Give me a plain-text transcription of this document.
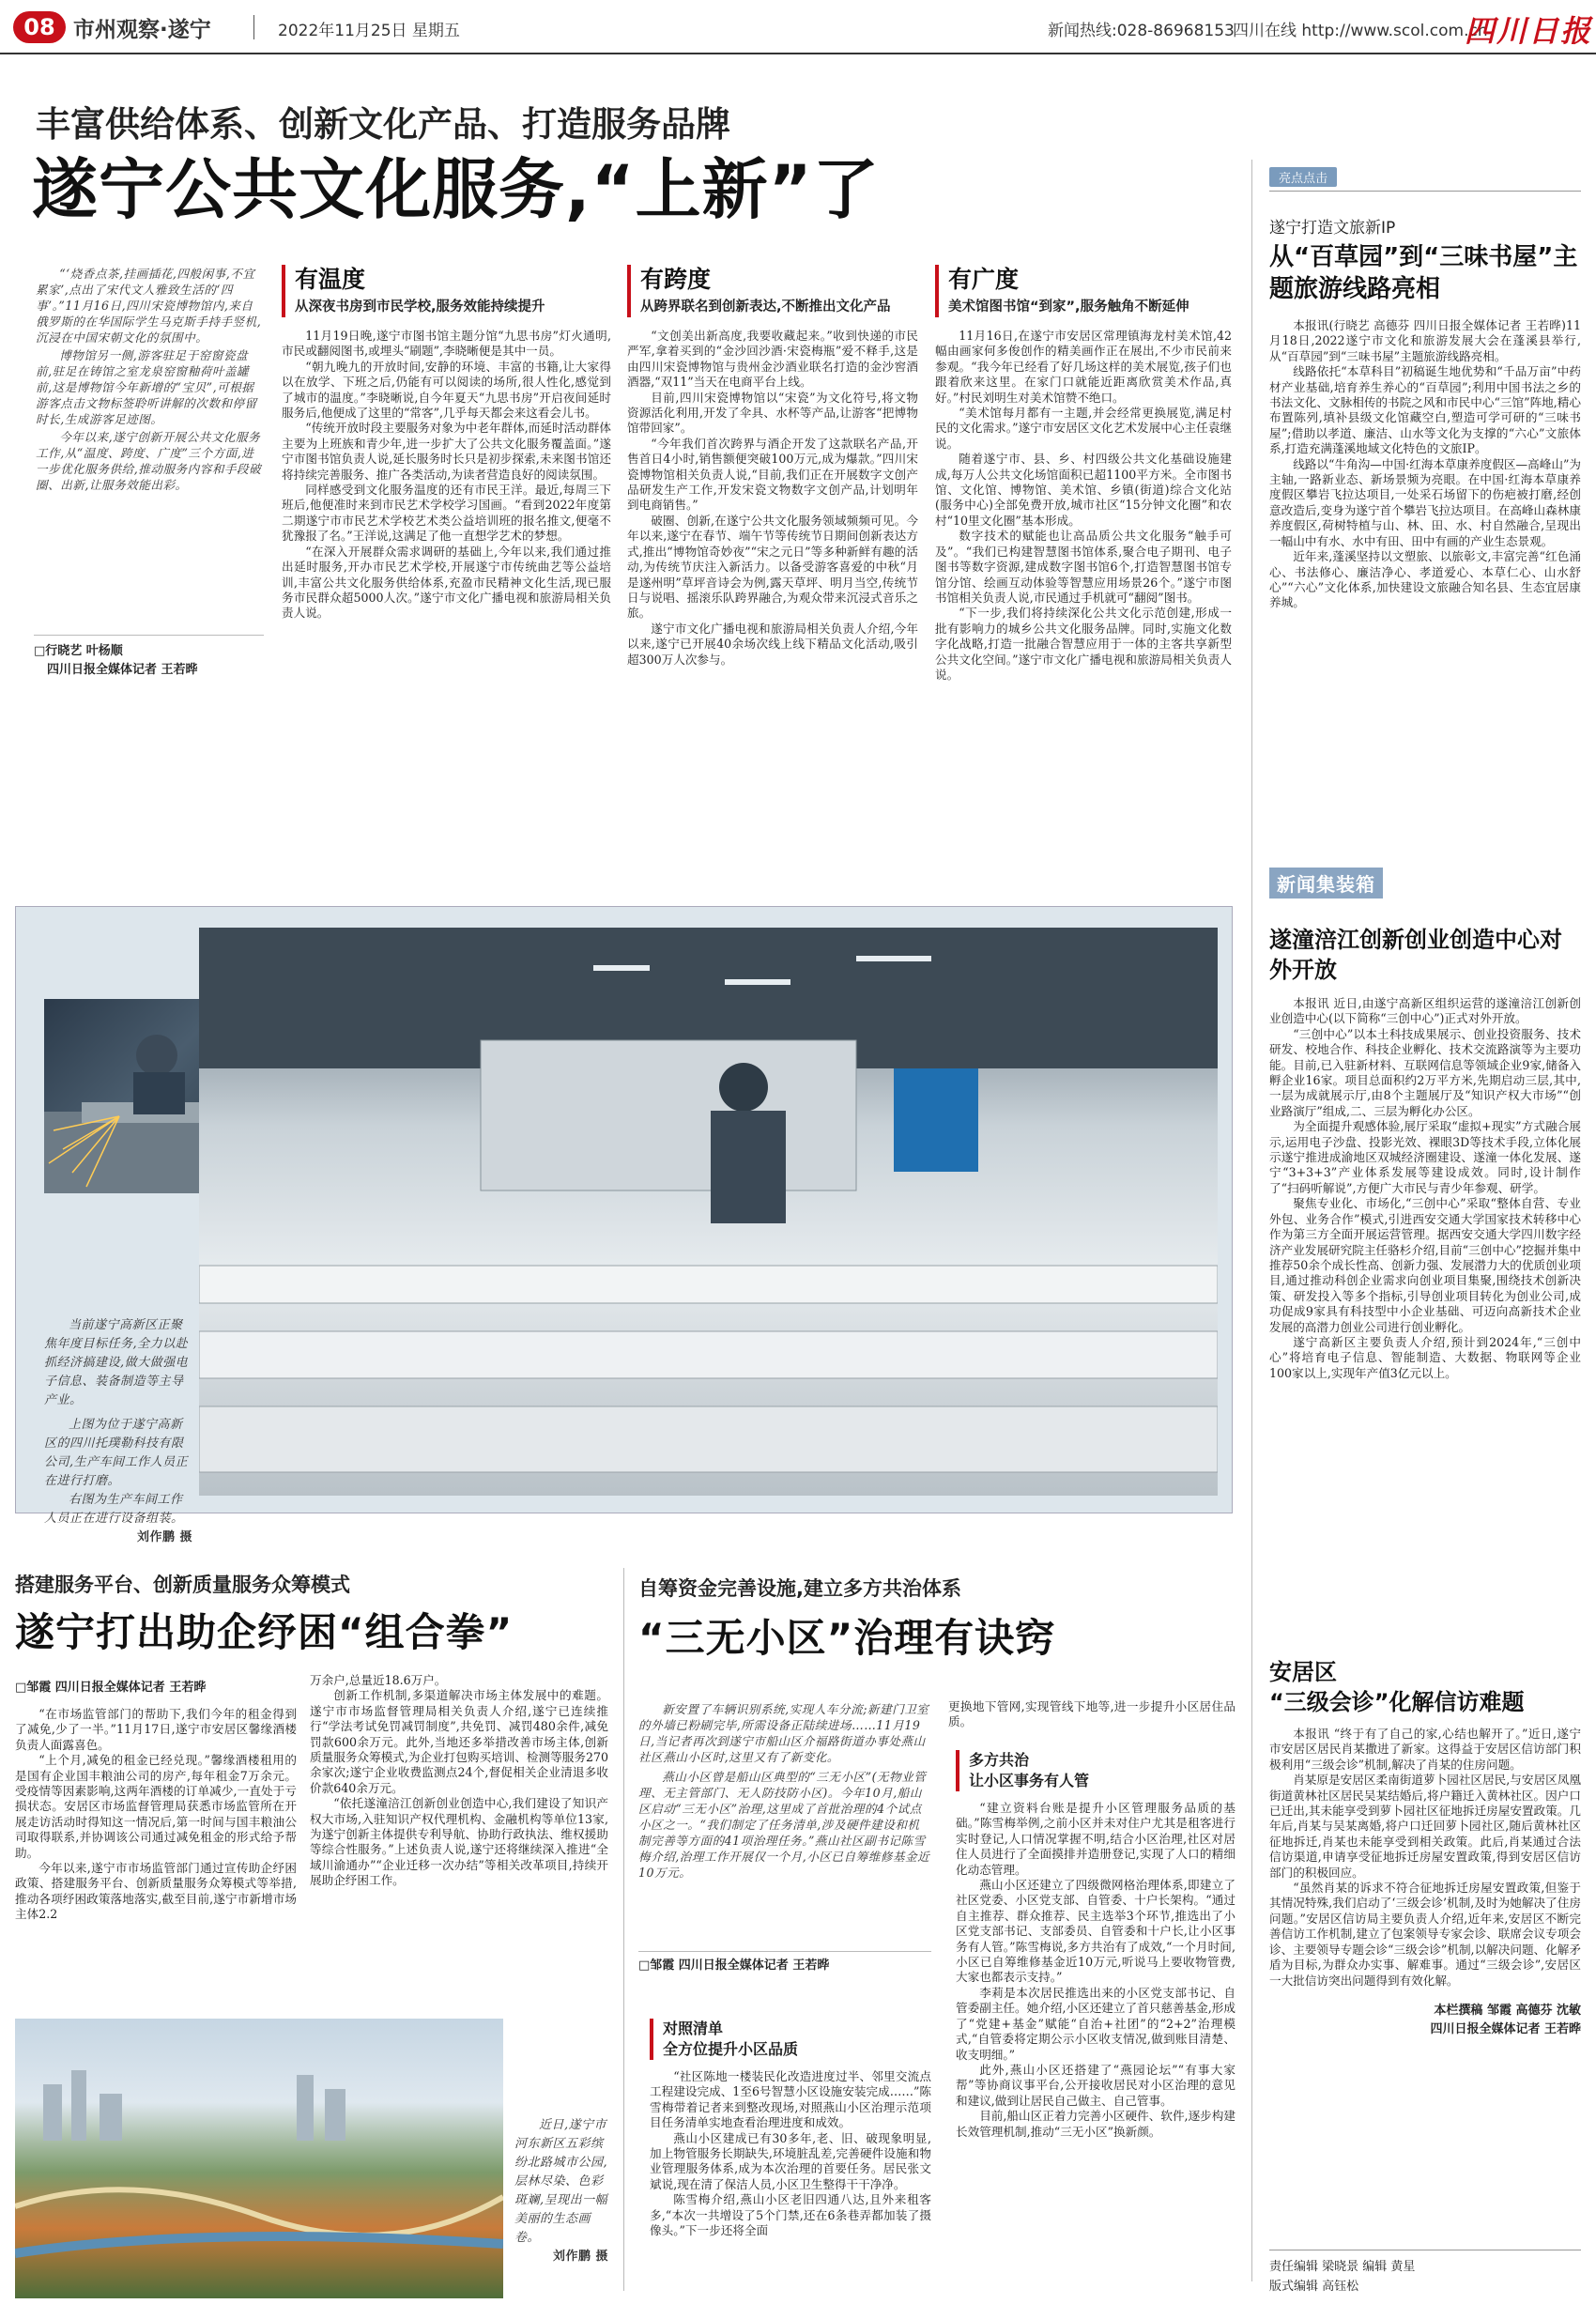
08 市州观察·遂宁	2022年11月25日 星期五	新闻热线:028-86968153
四川在线 http://www.scol.com.cn
四川日报
丰富供给体系、创新文化产品、打造服务品牌
遂宁公共文化服务,“上新”了

“‘烧香点茶,挂画插花,四般闲事,不宜累家’,点出了宋代文人雅致生活的‘四事’。”11月16日,四川宋瓷博物馆内,来自俄罗斯的在华国际学生马克斯手持手竖机,沉浸在中国宋朝文化的氛围中。

博物馆另一侧,游客驻足于窑窗瓷盘前,驻足在铸馆之室龙泉窑窗釉荷叶盖罐前,这是博物馆今年新增的“宝贝”,可根据游客点击文物标签聆听讲解的次数和停留时长,生成游客足迹图。

今年以来,遂宁创新开展公共文化服务工作,从“温度、跨度、广度”三个方面,进一步优化服务供给,推动服务内容和手段破圈、出新,让服务效能出彩。

□行晓艺 叶杨顺
四川日报全媒体记者 王若晔
有温度
从深夜书房到市民学校,服务效能持续提升

11月19日晚,遂宁市图书馆主题分馆“九思书房”灯火通明,市民或翻阅图书,或埋头“刷题”,李晓晰便是其中一员。

“朝九晚九的开放时间,安静的环境、丰富的书籍,让大家得以在放学、下班之后,仍能有可以阅读的场所,很人性化,感觉到了城市的温度。”李晓晰说,自今年夏天“九思书房”开启夜间延时服务后,他便成了这里的“常客”,几乎每天都会来这看会儿书。

“传统开放时段主要服务对象为中老年群体,而延时活动群体主要为上班族和青少年,进一步扩大了公共文化服务覆盖面。”遂宁市图书馆负责人说,延长服务时长只是初步探索,未来图书馆还将持续完善服务、推广各类活动,为读者营造良好的阅读氛围。

同样感受到文化服务温度的还有市民王洋。最近,每周三下班后,他便准时来到市民艺术学校学习国画。“看到2022年度第二期遂宁市市民艺术学校艺术类公益培训班的报名推文,便毫不犹豫报了名。”王洋说,这满足了他一直想学艺术的梦想。

“在深入开展群众需求调研的基础上,今年以来,我们通过推出延时服务,开办市民艺术学校,开展遂宁市传统曲艺等公益培训,丰富公共文化服务供给体系,充盈市民精神文化生活,现已服务市民群众超5000人次。”遂宁市文化广播电视和旅游局相关负责人说。

有跨度
从跨界联名到创新表达,不断推出文化产品

“文创美出新高度,我要收藏起来。”收到快递的市民严军,拿着买到的“金沙回沙酒·宋瓷梅瓶”爱不释手,这是由四川宋瓷博物馆与贵州金沙酒业联名打造的金沙窖酒酒器,“双11”当天在电商平台上线。

目前,四川宋瓷博物馆以“宋瓷”为文化符号,将文物资源活化利用,开发了伞具、水杯等产品,让游客“把博物馆带回家”。

“今年我们首次跨界与酒企开发了这款联名产品,开售首日4小时,销售额便突破100万元,成为爆款。”四川宋瓷博物馆相关负责人说,“目前,我们正在开展数字文创产品研发生产工作,开发宋瓷文物数字文创产品,计划明年到电商销售。”

破圈、创新,在遂宁公共文化服务领域频频可见。今年以来,遂宁在春节、端午节等传统节日期间创新表达方式,推出“博物馆奇妙夜”“宋之元日”等多种新鲜有趣的活动,为传统节庆注入新活力。以备受游客喜爱的中秋“月是遂州明”草坪音诗会为例,露天草坪、明月当空,传统节日与说唱、摇滚乐队跨界融合,为观众带来沉浸式音乐之旅。

遂宁市文化广播电视和旅游局相关负责人介绍,今年以来,遂宁已开展40余场次线上线下精品文化活动,吸引超300万人次参与。

有广度
美术馆图书馆“到家”,服务触角不断延伸

11月16日,在遂宁市安居区常理镇海龙村美术馆,42幅由画家何多俊创作的精美画作正在展出,不少市民前来参观。“我今年已经看了好几场这样的美术展览,孩子们也跟着欣来这里。在家门口就能近距离欣赏美术作品,真好。”村民刘明生对美术馆赞不绝口。

“美术馆每月都有一主题,并会经常更换展览,满足村民的文化需求。”遂宁市安居区文化艺术发展中心主任袁继说。

随着遂宁市、县、乡、村四级公共文化基础设施建成,每万人公共文化场馆面积已超1100平方米。全市图书馆、文化馆、博物馆、美术馆、乡镇(街道)综合文化站(服务中心)全部免费开放,城市社区“15分钟文化圈”和农村“10里文化圈”基本形成。

数字技术的赋能也让高品质公共文化服务“触手可及”。“我们已构建智慧图书馆体系,聚合电子期刊、电子图书等数字资源,建成数字图书馆6个,打造智慧图书馆专馆分馆、绘画互动体验等智慧应用场景26个。”遂宁市图书馆相关负责人说,市民通过手机就可“翻阅”图书。

“下一步,我们将持续深化公共文化示范创建,形成一批有影响力的城乡公共文化服务品牌。同时,实施文化数字化战略,打造一批融合智慧应用于一体的主客共享新型公共文化空间。”遂宁市文化广播电视和旅游局相关负责人说。

亮点点击
遂宁打造文旅新IP
从“百草园”到“三味书屋”主题旅游线路亮相

本报讯(行晓艺 高德芬 四川日报全媒体记者 王若晔)11月18日,2022遂宁市文化和旅游发展大会在蓬溪县举行,从“百草园”到“三味书屋”主题旅游线路亮相。

线路依托“本草科目”初稿诞生地优势和“千品万亩”中药材产业基础,培育养生养心的“百草园”;利用中国书法之乡的书法文化、文脉相传的书院之风和市民中心“三馆”阵地,精心布置陈列,填补县级文化馆藏空白,塑造可学可研的“三味书屋”;借助以孝道、廉洁、山水等文化为支撑的“六心”文旅体系,打造充满蓬溪地域文化特色的文旅IP。

线路以“牛角沟—中国·红海本草康养度假区—高峰山”为主轴,一路新业态、新场景频为亮眼。在中国·红海本草康养度假区攀岩飞拉达项目,一处采石场留下的伤疤被打磨,经创意改造后,变身为遂宁首个攀岩飞拉达项目。在高峰山森林康养度假区,荷树特植与山、林、田、水、村自然融合,呈现出一幅山中有水、水中有田、田中有画的产业生态景观。

近年来,蓬溪坚持以文塑旅、以旅彰文,丰富完善“红色涌心、书法修心、廉洁净心、孝道爱心、本草仁心、山水舒心”“六心”文化体系,加快建设文旅融合知名县、生态宜居康养城。

新闻集装箱
遂潼涪江创新创业创造中心对外开放

本报讯 近日,由遂宁高新区组织运营的遂潼涪江创新创业创造中心(以下简称“三创中心”)正式对外开放。

“三创中心”以本土科技成果展示、创业投资服务、技术研发、校地合作、科技企业孵化、技术交流路演等为主要功能。目前,已入驻新材料、互联网信息等领域企业9家,储备入孵企业16家。项目总面积约2万平方米,先期启动三层,其中,一层为成就展示厅,由8个主题展厅及“知识产权大市场”“创业路演厅”组成,二、三层为孵化办公区。

为全面提升观感体验,展厅采取“虚拟+现实”方式融合展示,运用电子沙盘、投影光效、裸眼3D等技术手段,立体化展示遂宁推进成渝地区双城经济圈建设、遂潼一体化发展、遂宁“3+3+3”产业体系发展等建设成效。同时,设计制作了“扫码听解说”,方便广大市民与青少年参观、研学。

聚焦专业化、市场化,“三创中心”采取“整体自营、专业外包、业务合作”模式,引进西安交通大学国家技术转移中心作为第三方全面开展运营管理。据西安交通大学四川数字经济产业发展研究院主任骆杉介绍,目前“三创中心”挖掘并集中推荐50余个成长性高、创新力强、发展潜力大的优质创业项目,通过推动科创企业需求向创业项目集聚,围绕技术创新决策、研发投入等多个指标,引导创业项目转化为创业公司,成功促成9家具有科技型中小企业基础、可迈向高新技术企业发展的高潜力创业公司进行创业孵化。

遂宁高新区主要负责人介绍,预计到2024年,“三创中心”将培育电子信息、智能制造、大数据、物联网等企业100家以上,实现年产值3亿元以上。

安居区
“三级会诊”化解信访难题

本报讯 “终于有了自己的家,心结也解开了。”近日,遂宁市安居区居民肖某撒进了新家。这得益于安居区信访部门积极利用“三级会诊”机制,解决了肖某的住房问题。

肖某原是安居区柔南街道萝卜园社区居民,与安居区凤凰街道黄林社区居民吴某结婚后,将户籍迁入黄林社区。因户口已迁出,其未能享受到萝卜园社区征地拆迁房屋安置政策。几年后,肖某与吴某离婚,将户口迁回萝卜园社区,随后黄林社区征地拆迁,肖某也未能享受到相关政策。此后,肖某通过合法信访渠道,申请享受征地拆迁房屋安置政策,得到安居区信访部门的积极回应。

“虽然肖某的诉求不符合征地拆迁房屋安置政策,但鉴于其情况特殊,我们启动了‘三级会诊’机制,及时为她解决了住房问题。”安居区信访局主要负责人介绍,近年来,安居区不断完善信访工作机制,建立了包案领导专家会诊、联席会议专项会诊、主要领导专题会诊“三级会诊”机制,以解决问题、化解矛盾为目标,为群众办实事、解难事。通过“三级会诊”,安居区一大批信访突出问题得到有效化解。

本栏撰稿 邹霞 高德芬 沈敏
四川日报全媒体记者 王若晔
责任编辑 梁晓景 编辑 黄星
版式编辑 高钰松

当前遂宁高新区正聚焦年度目标任务,全力以赴抓经济搞建设,做大做强电子信息、装备制造等主导产业。

上图为位于遂宁高新区的四川托璞勒科技有限公司,生产车间工作人员正在进行打磨。

右图为生产车间工作人员正在进行设备组装。

刘作鹏 摄
搭建服务平台、创新质量服务众筹模式
遂宁打出助企纾困“组合拳”
□邹霞 四川日报全媒体记者 王若晔

“在市场监管部门的帮助下,我们今年的租金得到了减免,少了一半。”11月17日,遂宁市安居区馨缘酒楼负责人面露喜色。

“上个月,减免的租金已经兑现。”馨缘酒楼租用的是国有企业国丰粮油公司的房产,每年租金7万余元。受疫情等因素影响,这两年酒楼的订单减少,一直处于亏损状态。安居区市场监督管理局获悉市场监管所在开展走访活动时得知这一情况后,第一时间与国丰粮油公司取得联系,并协调该公司通过减免租金的形式给予帮助。

今年以来,遂宁市市场监管部门通过宣传助企纾困政策、搭建服务平台、创新质量服务众筹模式等举措,推动各项纾困政策落地落实,截至目前,遂宁市新增市场主体2.2

万余户,总量近18.6万户。

创新工作机制,多渠道解决市场主体发展中的难题。遂宁市市场监督管理局相关负责人介绍,遂宁已连续推行“学法考试免罚减罚制度”,共免罚、减罚480余件,减免罚款600余万元。此外,当地还多举措改善市场主体,创新质量服务众筹模式,为企业打包购买培训、检测等服务270余家次;遂宁企业收费监测点24个,督促相关企业清退多收价款640余万元。

“依托遂潼涪江创新创业创造中心,我们建设了知识产权大市场,入驻知识产权代理机构、金融机构等单位13家,为遂宁创新主体提供专利导航、协助行政执法、维权援助等综合性服务。”上述负责人说,遂宁还将继续深入推进“全域川渝通办”“企业迁移一次办结”等相关改革项目,持续开展助企纾困工作。

近日,遂宁市河东新区五彩缤纷北路城市公园,层林尽染、色彩斑斓,呈现出一幅美丽的生态画卷。

刘作鹏 摄
自筹资金完善设施,建立多方共治体系
“三无小区”治理有诀窍

新安置了车辆识别系统,实现人车分流;新建门卫室的外墙已粉刷完毕,所需设备正陆续进场……11月19日,当记者再次到遂宁市船山区介福路街道办事处燕山社区燕山小区时,这里又有了新变化。

燕山小区曾是船山区典型的“三无小区”(无物业管理、无主管部门、无人防技防小区)。今年10月,船山区启动“三无小区”治理,这里成了首批治理的4个试点小区之一。“我们制定了任务清单,涉及硬件建设和机制完善等方面的41项治理任务。”燕山社区副书记陈雪梅介绍,治理工作开展仅一个月,小区已自筹维修基金近10万元。

□邹霞 四川日报全媒体记者 王若晔
对照清单
全方位提升小区品质

“社区陈地一楼装民化改造进度过半、邻里交流点工程建设完成、1至6号智慧小区设施安装完成……”陈雪梅带着记者来到整改现场,对照燕山小区治理示范项目任务清单实地查看治理进度和成效。

燕山小区建成已有30多年,老、旧、破现象明显,加上物管服务长期缺失,环境脏乱差,完善硬件设施和物业管理服务体系,成为本次治理的首要任务。居民张文斌说,现在清了保洁人员,小区卫生整得干干净净。

陈雪梅介绍,燕山小区老旧四通八达,且外来租客多,“本次一共增设了5个门禁,还在6条巷弄都加装了摄像头。”下一步还将全面

更换地下管网,实现管线下地等,进一步提升小区居住品质。

多方共治
让小区事务有人管

“建立资料台账是提升小区管理服务品质的基础。”陈雪梅举例,之前小区并未对住户尤其是租客进行实时登记,人口情况掌握不明,结合小区治理,社区对居住人员进行了全面摸排并造册登记,实现了人口的精细化动态管理。

燕山小区还建立了四级微网格治理体系,即建立了社区党委、小区党支部、自管委、十户长架构。“通过自主推荐、群众推荐、民主选举3个环节,推选出了小区党支部书记、支部委员、自管委和十户长,让小区事务有人管。”陈雪梅说,多方共治有了成效,“一个月时间,小区已自筹维修基金近10万元,听说马上要收物管费,大家也都表示支持。”

李莉是本次居民推选出来的小区党支部书记、自管委副主任。她介绍,小区还建立了首只慈善基金,形成了“党建+基金”赋能“自治+社团”的“2+2”治理模式,“自管委将定期公示小区收支情况,做到账目清楚、收支明细。”

此外,燕山小区还搭建了“燕园论坛”“有事大家帮”等协商议事平台,公开接收居民对小区治理的意见和建议,做到让居民自己做主、自己管事。

目前,船山区正着力完善小区硬件、软件,逐步构建长效管理机制,推动“三无小区”换新颜。
